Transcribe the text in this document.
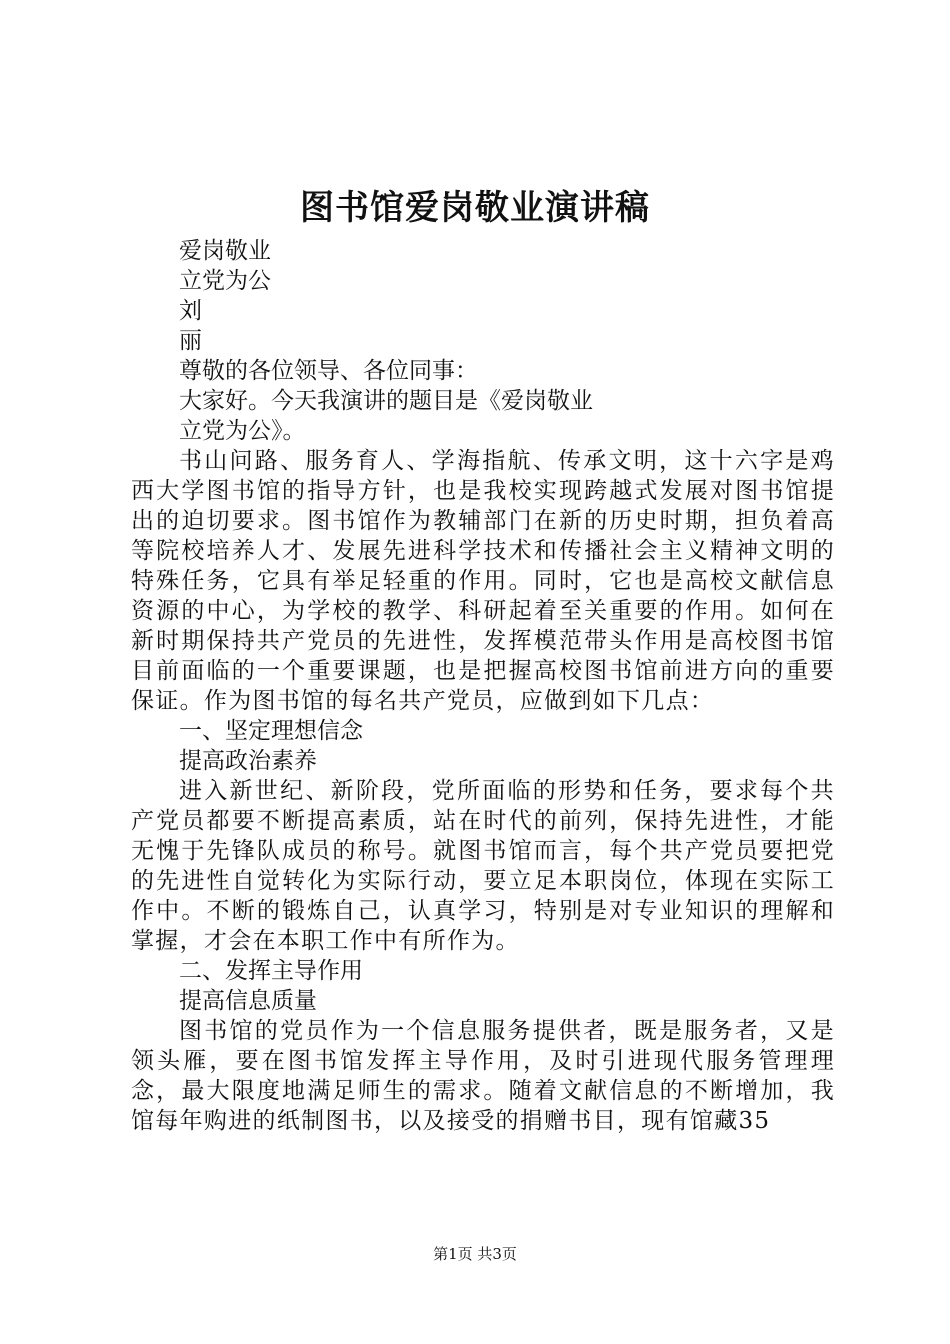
图书馆爱岗敬业演讲稿
爱岗敬业
立党为公
刘
丽
尊敬的各位领导、各位同事：
大家好。今天我演讲的题目是《爱岗敬业
立党为公》。
书山问路、服务育人、学海指航、传承文明，这十六字是鸡西大学图书馆的指导方针，也是我校实现跨越式发展对图书馆提出的迫切要求。图书馆作为教辅部门在新的历史时期，担负着高等院校培养人才、发展先进科学技术和传播社会主义精神文明的特殊任务，它具有举足轻重的作用。同时，它也是高校文献信息资源的中心，为学校的教学、科研起着至关重要的作用。如何在新时期保持共产党员的先进性，发挥模范带头作用是高校图书馆目前面临的一个重要课题，也是把握高校图书馆前进方向的重要保证。作为图书馆的每名共产党员，应做到如下几点：
一、坚定理想信念
提高政治素养
进入新世纪、新阶段，党所面临的形势和任务，要求每个共产党员都要不断提高素质，站在时代的前列，保持先进性，才能无愧于先锋队成员的称号。就图书馆而言，每个共产党员要把党的先进性自觉转化为实际行动，要立足本职岗位，体现在实际工作中。不断的锻炼自己，认真学习，特别是对专业知识的理解和掌握，才会在本职工作中有所作为。
二、发挥主导作用
提高信息质量
图书馆的党员作为一个信息服务提供者，既是服务者，又是领头雁，要在图书馆发挥主导作用，及时引进现代服务管理理念，最大限度地满足师生的需求。随着文献信息的不断增加，我馆每年购进的纸制图书，以及接受的捐赠书目，现有馆藏35
第1页 共3页
